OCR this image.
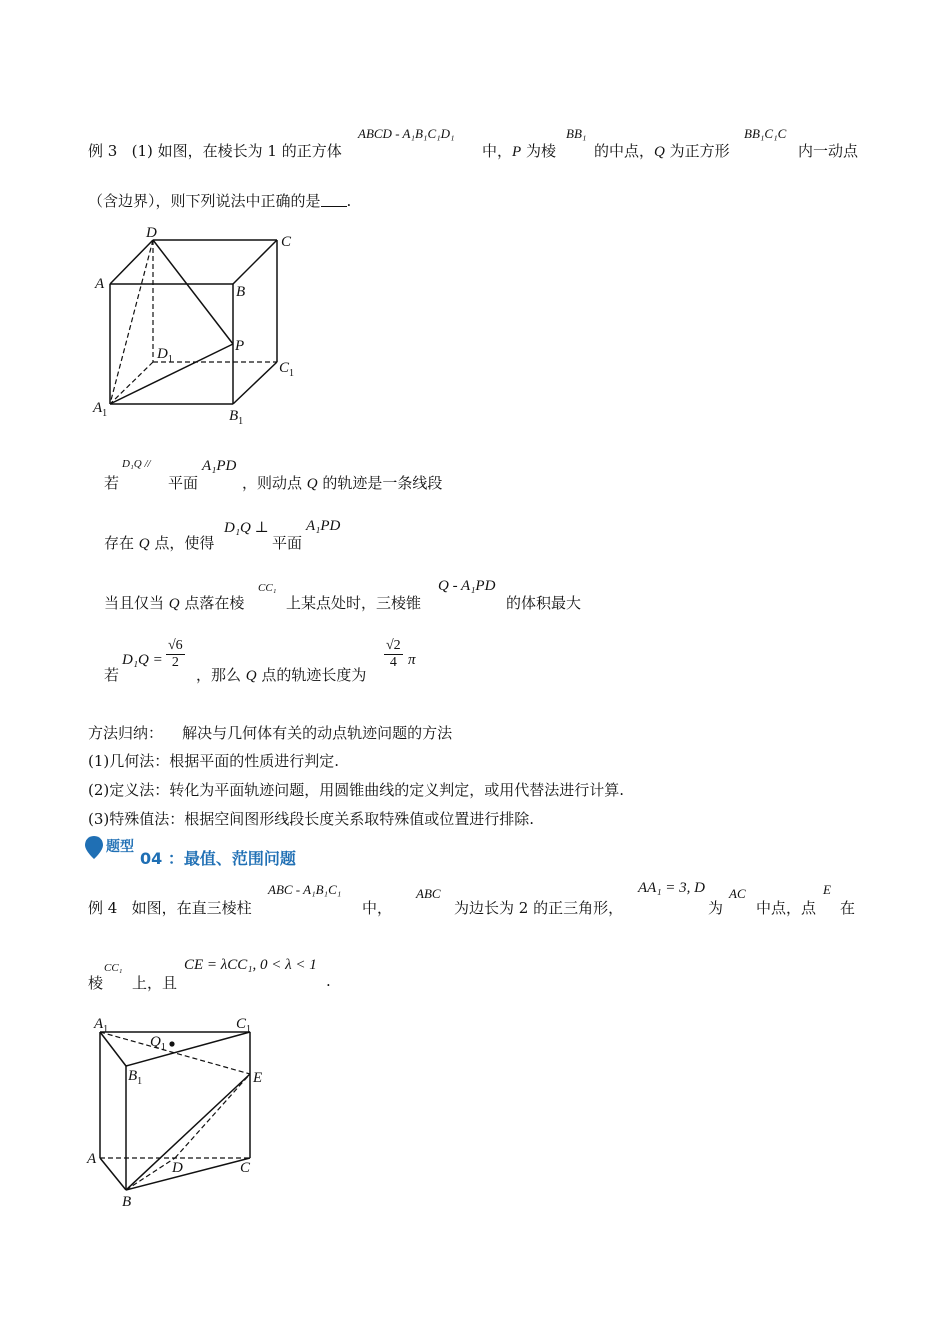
例 3 (1) 如图，在棱长为 1 的正方体
ABCD - A₁B₁C₁D₁
中，P 为棱
BB₁
的中点，Q 为正方形
BB₁C₁C
内一动点
（含边界），则下列说法中正确的是 .
D
C
A	B
$D_1$
P
$C_1$
$A_1$	$B_1$
若
D₁Q //
平面
A₁PD
，则动点 Q 的轨迹是一条线段
存在 Q 点，使得
D₁Q ⊥
平面
A₁PD
当且仅当 Q 点落在棱
CC₁
上某点处时，三棱锥
Q - A₁PD
的体积最大
若
$D_1Q = \frac{√6}{2}$
，那么 Q 点的轨迹长度为
$\frac{√2}{4}$ π
方法归纳： 解决与几何体有关的动点轨迹问题的方法
(1)几何法：根据平面的性质进行判定.
(2)定义法：转化为平面轨迹问题，用圆锥曲线的定义判定，或用代替法进行计算.
(3)特殊值法：根据空间图形线段长度关系取特殊值或位置进行排除.
题型
04 ：最值、范围问题
例 4 如图，在直三棱柱
ABC - A₁B₁C₁
中，
ABC
为边长为 2 的正三角形，
AA₁ = 3, D
为
AC
中点，点
E
在
棱
CC₁
上，且
CE = λCC₁, 0 < λ < 1
.
$A_1$	$C_1$
$Q_1$
$B_1$	E
A
D	C
B
